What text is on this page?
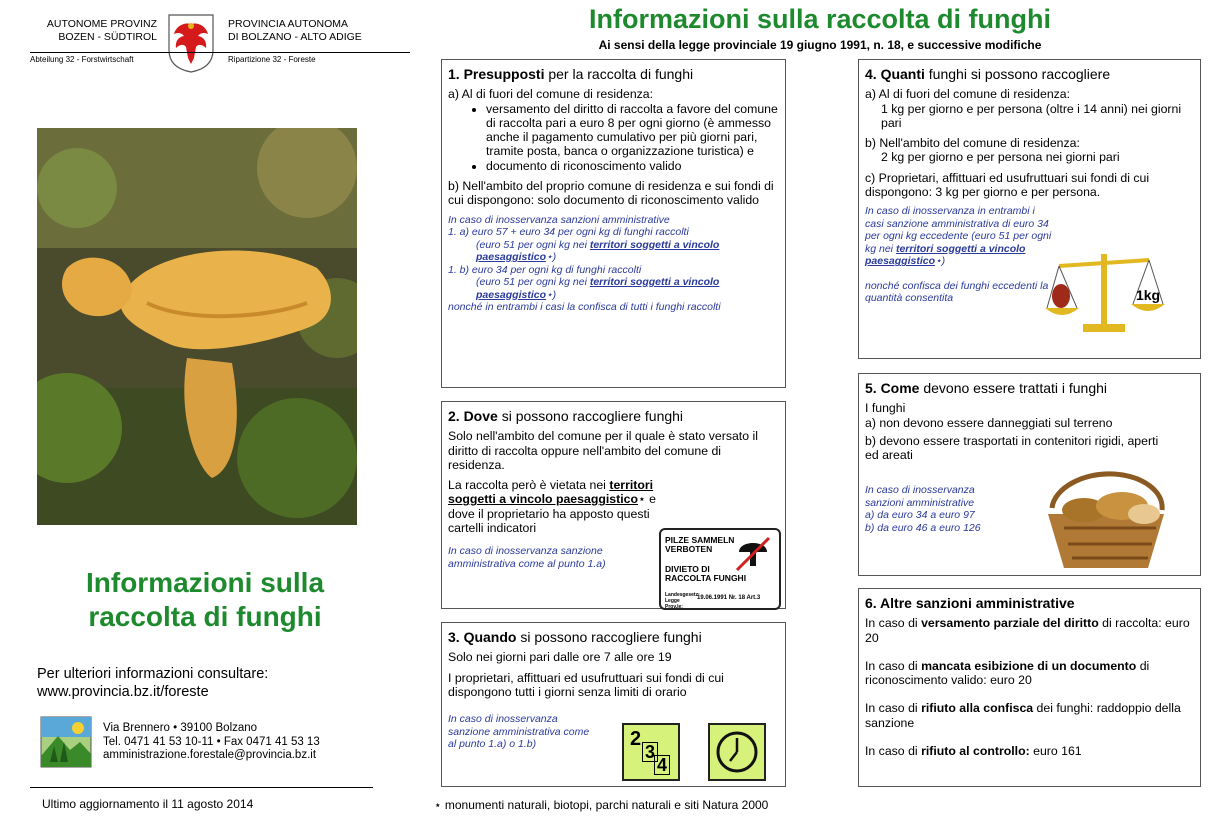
AUTONOME PROVINZ
BOZEN - SÜDTIROL
PROVINCIA AUTONOMA
DI BOLZANO - ALTO ADIGE
Abteilung 32 - Forstwirtschaft	Ripartizione 32 - Foreste
Informazioni sulla
raccolta di funghi
Per ulteriori informazioni consultare:
www.provincia.bz.it/foreste
Via Brennero • 39100 Bolzano
Tel. 0471 41 53 10-11 • Fax 0471 41 53 13
amministrazione.forestale@provincia.bz.it
Ultimo aggiornamento il 11 agosto 2014
Informazioni sulla raccolta di funghi
Ai sensi della legge provinciale 19 giugno 1991, n. 18, e successive modifiche
1. Presupposti per la raccolta di funghi

a) Al di fuori del comune di residenza:

• versamento del diritto di raccolta a favore del comune di raccolta pari a euro 8 per ogni giorno (è ammesso anche il pagamento cumulativo per più giorni pari, tramite posta, banca o organizzazione turistica) e
• documento di riconoscimento valido

b) Nell'ambito del proprio comune di residenza e sui fondi di cui dispongono: solo documento di riconoscimento valido

In caso di inosservanza sanzioni amministrative
1. a) euro 57 + euro 34 per ogni kg di funghi raccolti
(euro 51 per ogni kg nei territori soggetti a vincolo paesaggistico⋆)
1. b) euro 34 per ogni kg di funghi raccolti
(euro 51 per ogni kg nei territori soggetti a vincolo paesaggistico⋆)
nonché in entrambi i casi la confisca di tutti i funghi raccolti
2. Dove si possono raccogliere funghi

Solo nell'ambito del comune per il quale è stato versato il diritto di raccolta oppure nell'ambito del comune di residenza.

La raccolta però è vietata nei territori soggetti a vincolo paesaggistico⋆ e dove il proprietario ha apposto questi cartelli indicatori

In caso di inosservanza sanzione amministrativa come al punto 1.a)
PILZE SAMMELN
VERBOTEN
DIVIETO DI
RACCOLTA FUNGHI
Landesgesetz: Legge Prov.le:
19.06.1991 Nr. 18 Art.3
3. Quando si possono raccogliere funghi

Solo nei giorni pari dalle ore 7 alle ore 19

I proprietari, affittuari ed usufruttuari sui fondi di cui dispongono tutti i giorni senza limiti di orario

In caso di inosservanza sanzione amministrativa come al punto 1.a) o 1.b)	2
3
4
4. Quanti funghi si possono raccogliere

a) Al di fuori del comune di residenza:

1 kg per giorno e per persona (oltre i 14 anni) nei giorni pari

b) Nell'ambito del comune di residenza:

2 kg per giorno e per persona nei giorni pari

c) Proprietari, affittuari ed usufruttuari sui fondi di cui dispongono: 3 kg per giorno e per persona.

In caso di inosservanza in entrambi i casi sanzione amministrativa di euro 34 per ogni kg eccedente (euro 51 per ogni kg nei territori soggetti a vincolo paesaggistico⋆)
nonché confisca dei funghi eccedenti la quantità consentita	1kg
5. Come devono essere trattati i funghi

I funghi

a) non devono essere danneggiati sul terreno

b) devono essere trasportati in contenitori rigidi, aperti ed areati

In caso di inosservanza
sanzioni amministrative
a) da euro 34 a euro 97
b) da euro 46 a euro 126
6. Altre sanzioni amministrative

In caso di versamento parziale del diritto di raccolta: euro 20

In caso di mancata esibizione di un documento di riconoscimento valido: euro 20

In caso di rifiuto alla confisca dei funghi: raddoppio della sanzione

In caso di rifiuto al controllo: euro 161

⋆ monumenti naturali, biotopi, parchi naturali e siti Natura 2000
